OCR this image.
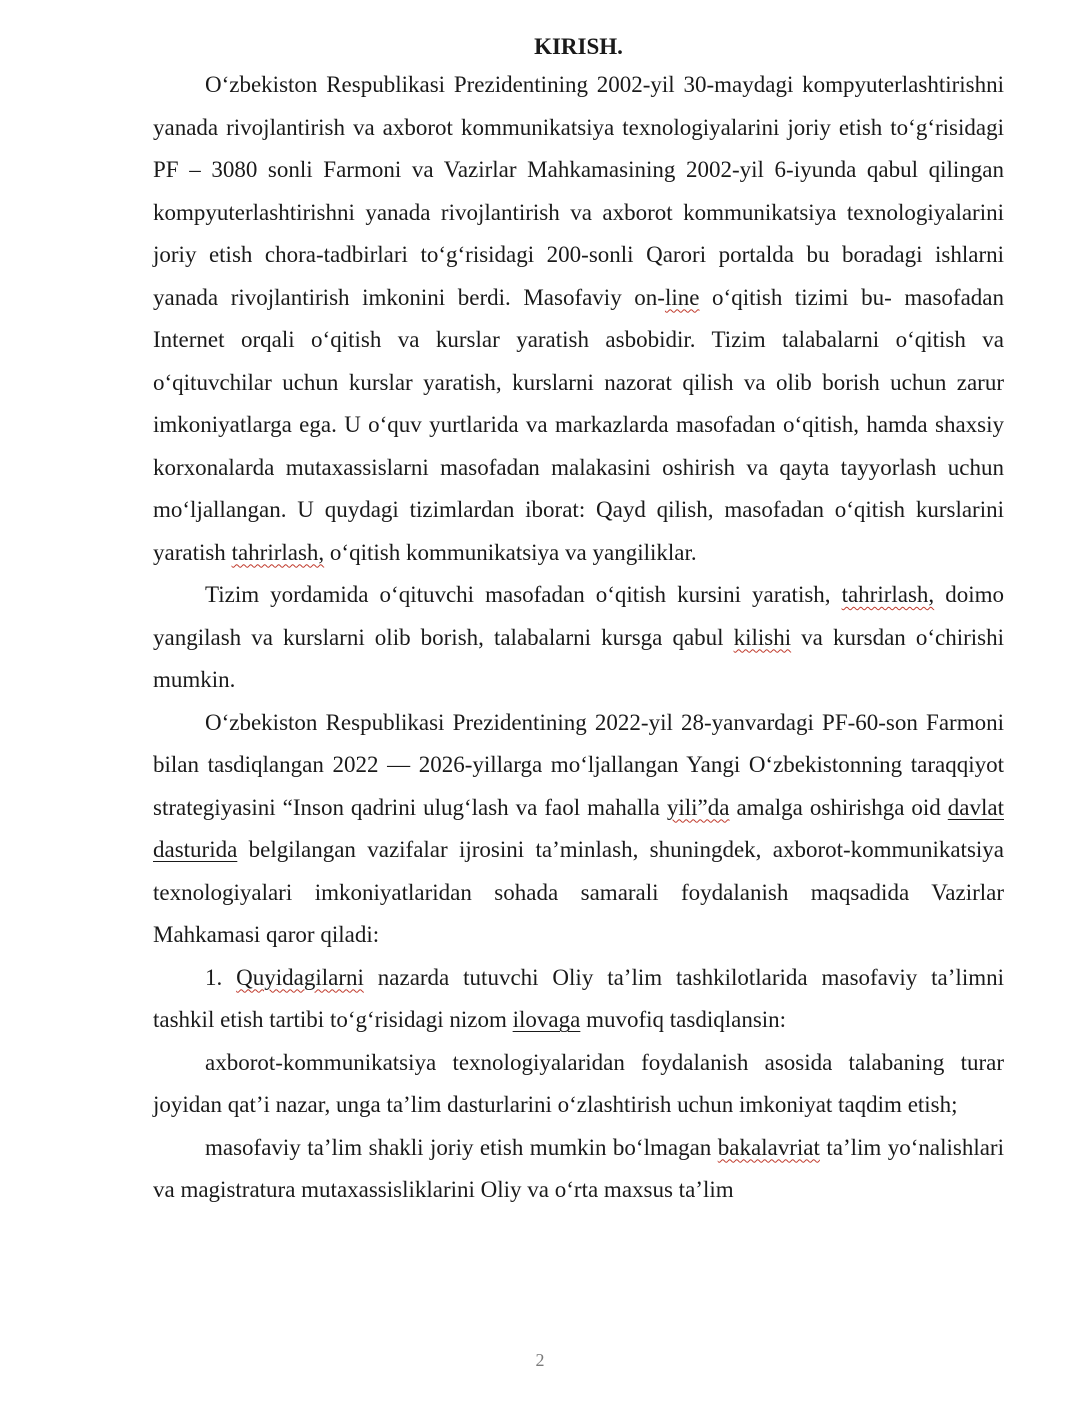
KIRISH.

O‘zbekiston Respublikasi Prezidentining 2002-yil 30-maydagi kompyuterlashtirishni yanada rivojlantirish va axborot kommunikatsiya texnologiyalarini joriy etish to‘g‘risidagi PF – 3080 sonli Farmoni va Vazirlar Mahkamasining 2002-yil 6-iyunda qabul qilingan kompyuterlashtirishni yanada rivojlantirish va axborot kommunikatsiya texnologiyalarini joriy etish chora-tadbirlari to‘g‘risidagi 200-sonli Qarori portalda bu boradagi ishlarni yanada rivojlantirish imkonini berdi. Masofaviy on-line o‘qitish tizimi bu- masofadan Internet orqali o‘qitish va kurslar yaratish asbobidir. Tizim talabalarni o‘qitish va o‘qituvchilar uchun kurslar yaratish, kurslarni nazorat qilish va olib borish uchun zarur imkoniyatlarga ega. U o‘quv yurtlarida va markazlarda masofadan o‘qitish, hamda shaxsiy korxonalarda mutaxassislarni masofadan malakasini oshirish va qayta tayyorlash uchun mo‘ljallangan. U quydagi tizimlardan iborat: Qayd qilish, masofadan o‘qitish kurslarini yaratish tahrirlash, o‘qitish kommunikatsiya va yangiliklar.

Tizim yordamida o‘qituvchi masofadan o‘qitish kursini yaratish, tahrirlash, doimo yangilash va kurslarni olib borish, talabalarni kursga qabul kilishi va kursdan o‘chirishi mumkin.

O‘zbekiston Respublikasi Prezidentining 2022-yil 28-yanvardagi PF-60-son Farmoni bilan tasdiqlangan 2022 — 2026-yillarga mo‘ljallangan Yangi O‘zbekistonning taraqqiyot strategiyasini “Inson qadrini ulug‘lash va faol mahalla yili”da amalga oshirishga oid davlat dasturida belgilangan vazifalar ijrosini ta’minlash, shuningdek, axborot-kommunikatsiya texnologiyalari imkoniyatlaridan sohada samarali foydalanish maqsadida Vazirlar Mahkamasi qaror qiladi:

1. Quyidagilarni nazarda tutuvchi Oliy ta’lim tashkilotlarida masofaviy ta’limni tashkil etish tartibi to‘g‘risidagi nizom ilovaga muvofiq tasdiqlansin:

axborot-kommunikatsiya texnologiyalaridan foydalanish asosida talabaning turar joyidan qat’i nazar, unga ta’lim dasturlarini o‘zlashtirish uchun imkoniyat taqdim etish;

masofaviy ta’lim shakli joriy etish mumkin bo‘lmagan bakalavriat ta’lim yo‘nalishlari va magistratura mutaxassisliklarini Oliy va o‘rta maxsus ta’lim

2
